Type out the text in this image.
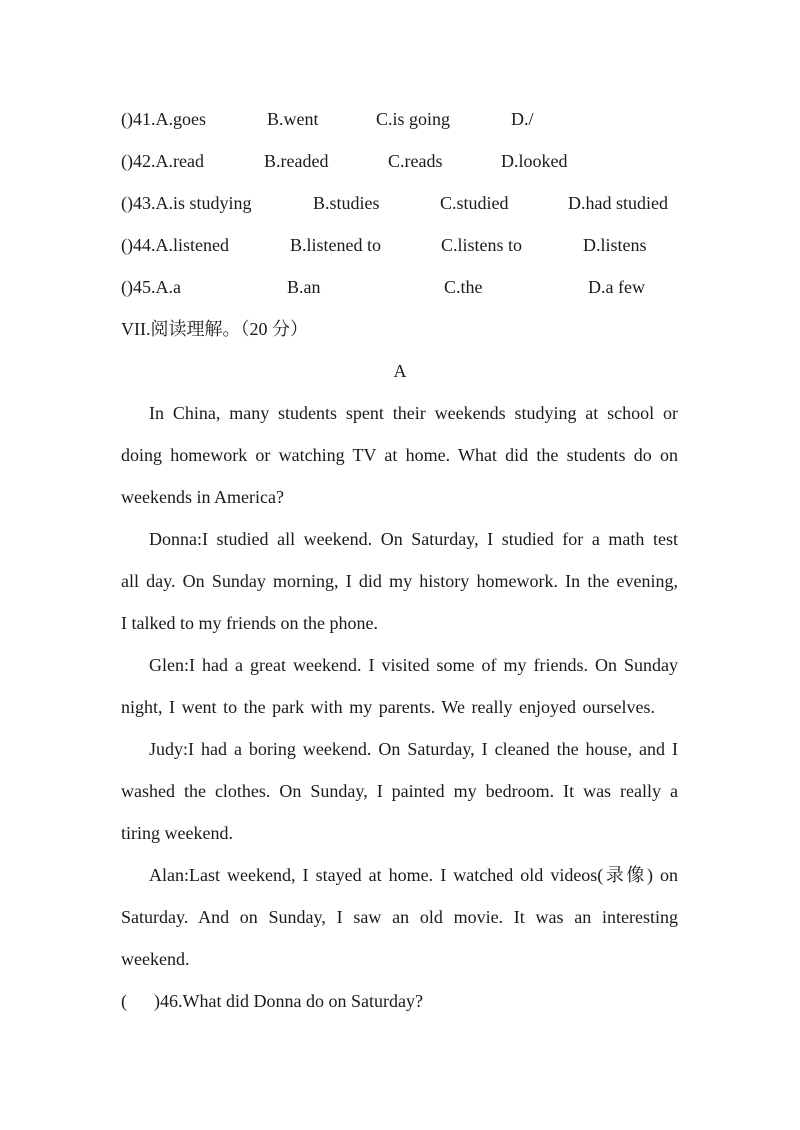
()41.A.goes	B.went	C.is going	D./
()42.A.read	B.readed	C.reads	D.looked
()43.A.is studying	B.studies	C.studied	D.had studied
()44.A.listened	B.listened to	C.listens to	D.listens
()45.A.a	B.an	C.the	D.a few
VII.阅读理解。（20 分）
A
In China, many students spent their weekends studying at school or
doing homework or watching TV at home. What did the students do on
weekends in America?
Donna:I studied all weekend. On Saturday, I studied for a math test
all day. On Sunday morning, I did my history homework. In the evening,
I talked to my friends on the phone.
Glen:I had a great weekend. I visited some of my friends. On Sunday
night, I went to the park with my parents. We really enjoyed ourselves.
Judy:I had a boring weekend. On Saturday, I cleaned the house, and I
washed the clothes. On Sunday, I painted my bedroom. It was really a
tiring weekend.
Alan:Last weekend, I stayed at home. I watched old videos(录像) on
Saturday. And on Sunday, I saw an old movie. It was an interesting
weekend.
(      )46.What did Donna do on Saturday?
